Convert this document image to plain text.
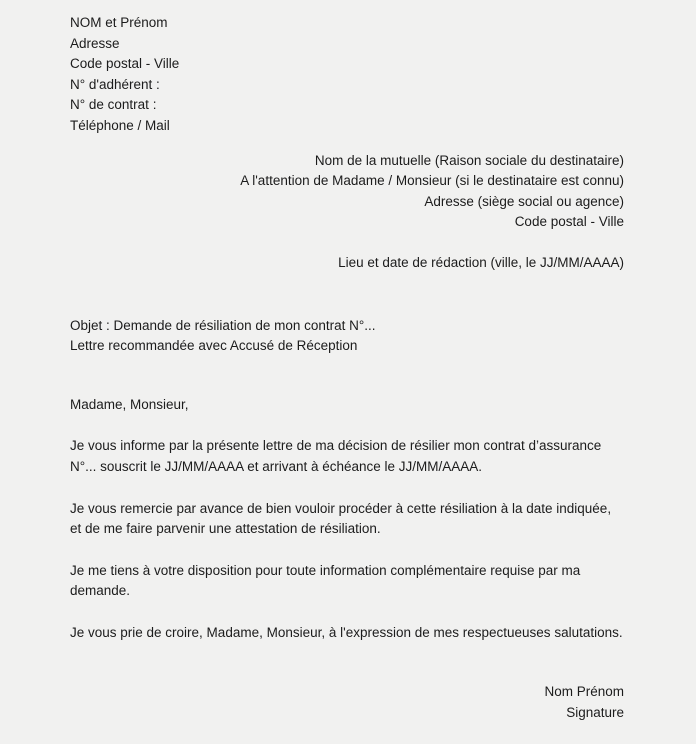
NOM et Prénom
Adresse
Code postal - Ville
N° d'adhérent :
N° de contrat :
Téléphone / Mail
Nom de la mutuelle (Raison sociale du destinataire)
A l'attention de Madame / Monsieur (si le destinataire est connu)
Adresse (siège social ou agence)
Code postal - Ville
Lieu et date de rédaction (ville, le JJ/MM/AAAA)
Objet : Demande de résiliation de mon contrat N°...
Lettre recommandée avec Accusé de Réception
Madame, Monsieur,
Je vous informe par la présente lettre de ma décision de résilier mon contrat d’assurance N°... souscrit le JJ/MM/AAAA et arrivant à échéance le JJ/MM/AAAA.
Je vous remercie par avance de bien vouloir procéder à cette résiliation à la date indiquée, et de me faire parvenir une attestation de résiliation.
Je me tiens à votre disposition pour toute information complémentaire requise par ma demande.
Je vous prie de croire, Madame, Monsieur, à l'expression de mes respectueuses salutations.
Nom Prénom
Signature
